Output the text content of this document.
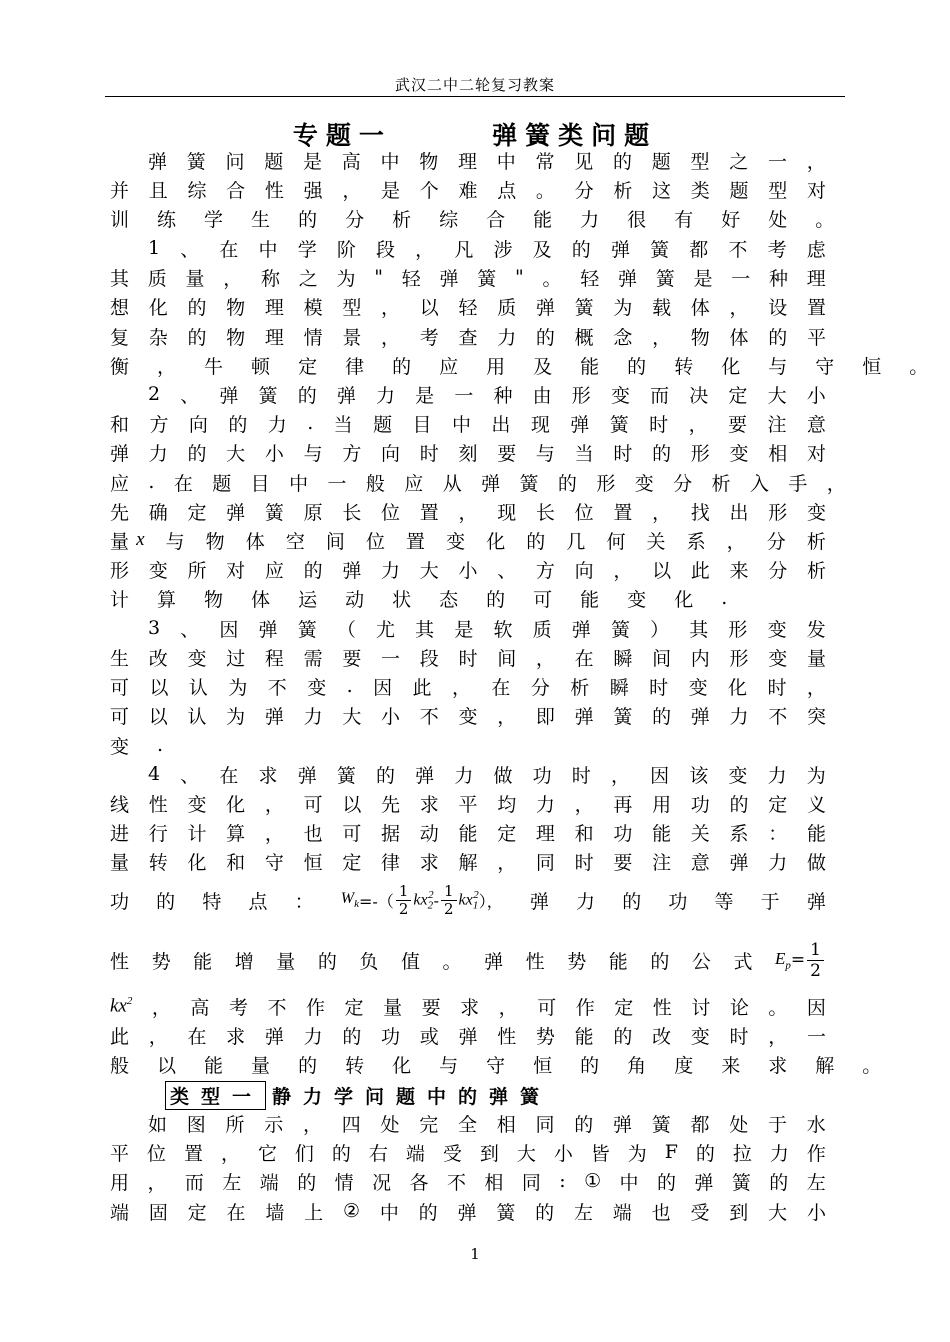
武汉二中二轮复习教案
专题一      弹簧类问题
弹 簧 问 题 是 高 中 物 理 中 常 见 的 题 型 之 一 ，
并 且 综 合 性 强 ， 是 个 难 点 。 分 析 这 类 题 型 对
训 练 学 生 的 分 析 综 合 能 力 很 有 好 处 。
1 、 在 中 学 阶 段 ， 凡 涉 及 的 弹 簧 都 不 考 虑
其 质 量 ， 称 之 为 " 轻 弹 簧 " 。 轻 弹 簧 是 一 种 理
想 化 的 物 理 模 型 ， 以 轻 质 弹 簧 为 载 体 ， 设 置
复 杂 的 物 理 情 景 ， 考 查 力 的 概 念 ， 物 体 的 平
衡 ， 牛 顿 定 律 的 应 用 及 能 的 转 化 与 守 恒 。
2 、 弹 簧 的 弹 力 是 一 种 由 形 变 而 决 定 大 小
和 方 向 的 力 . 当 题 目 中 出 现 弹 簧 时 ， 要 注 意
弹 力 的 大 小 与 方 向 时 刻 要 与 当 时 的 形 变 相 对
应 . 在 题 目 中 一 般 应 从 弹 簧 的 形 变 分 析 入 手 ，
先 确 定 弹 簧 原 长 位 置 ， 现 长 位 置 ， 找 出 形 变
量 x 与 物 体 空 间 位 置 变 化 的 几 何 关 系 ， 分 析
形 变 所 对 应 的 弹 力 大 小 、 方 向 ， 以 此 来 分 析
计 算 物 体 运 动 状 态 的 可 能 变 化 .
3 、 因 弹 簧 （ 尤 其 是 软 质 弹 簧 ） 其 形 变 发
生 改 变 过 程 需 要 一 段 时 间 ， 在 瞬 间 内 形 变 量
可 以 认 为 不 变 . 因 此 ， 在 分 析 瞬 时 变 化 时 ，
可 以 认 为 弹 力 大 小 不 变 ， 即 弹 簧 的 弹 力 不 突
变 .
4 、 在 求 弹 簧 的 弹 力 做 功 时 ， 因 该 变 力 为
线 性 变 化 ， 可 以 先 求 平 均 力 ， 再 用 功 的 定 义
进 行 计 算 ， 也 可 据 动 能 定 理 和 功 能 关 系 ： 能
量 转 化 和 守 恒 定 律 求 解 ， 同 时 要 注 意 弹 力 做
功 的 特 点 ： $W_k$ =-（ $\frac{1}{2} kx_2^2 - \frac{1}{2} kx_1^2$ ）， 弹 力 的 功 等 于 弹
性 势 能 增 量 的 负 值 。 弹 性 势 能 的 公 式 $E_p = \frac{1}{2}$
$kx^2$ ， 高 考 不 作 定 量 要 求 ， 可 作 定 性 讨 论 。 因
此 ， 在 求 弹 力 的 功 或 弹 性 势 能 的 改 变 时 ， 一
般 以 能 量 的 转 化 与 守 恒 的 角 度 来 求 解 。
类型一 静力学问题中的弹簧
如 图 所 示 ， 四 处 完 全 相 同 的 弹 簧 都 处 于 水
平 位 置 ， 它 们 的 右 端 受 到 大 小 皆 为 F 的 拉 力 作
用 ， 而 左 端 的 情 况 各 不 相 同 : ① 中 的 弹 簧 的 左
端 固 定 在 墙 上 ② 中 的 弹 簧 的 左 端 也 受 到 大 小
1
